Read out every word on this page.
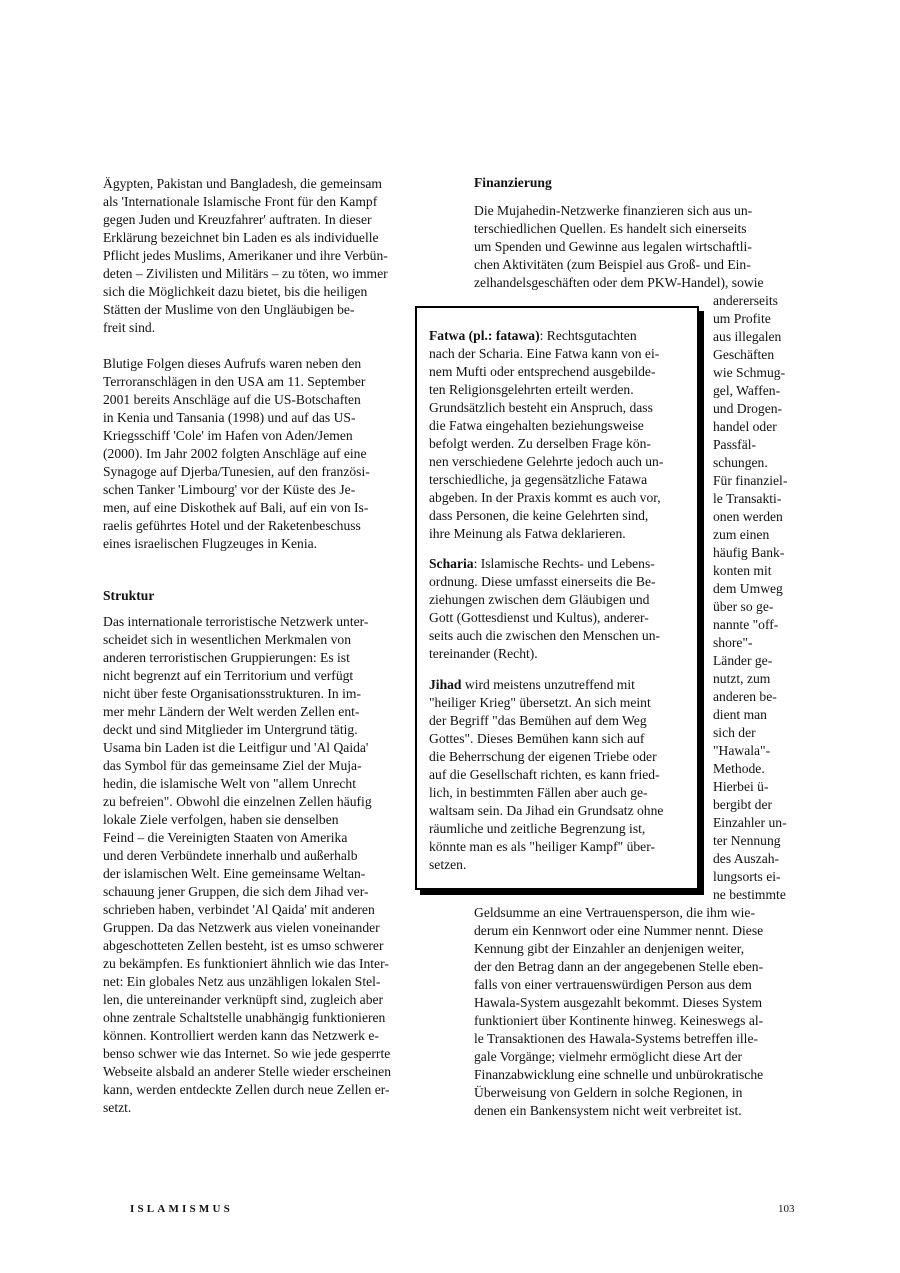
Ägypten, Pakistan und Bangladesh, die gemeinsam

als 'Internationale Islamische Front für den Kampf

gegen Juden und Kreuzfahrer' auftraten. In dieser

Erklärung bezeichnet bin Laden es als individuelle

Pflicht jedes Muslims, Amerikaner und ihre Verbün-

deten – Zivilisten und Militärs – zu töten, wo immer

sich die Möglichkeit dazu bietet, bis die heiligen

Stätten der Muslime von den Ungläubigen be-

freit sind.

Blutige Folgen dieses Aufrufs waren neben den

Terroranschlägen in den USA am 11. September

2001 bereits Anschläge auf die US-Botschaften

in Kenia und Tansania (1998) und auf das US-

Kriegsschiff 'Cole' im Hafen von Aden/Jemen

(2000). Im Jahr 2002 folgten Anschläge auf eine

Synagoge auf Djerba/Tunesien, auf den französi-

schen Tanker 'Limbourg' vor der Küste des Je-

men, auf eine Diskothek auf Bali, auf ein von Is-

raelis geführtes Hotel und der Raketenbeschuss

eines israelischen Flugzeuges in Kenia.

Struktur

Das internationale terroristische Netzwerk unter-

scheidet sich in wesentlichen Merkmalen von

anderen terroristischen Gruppierungen: Es ist

nicht begrenzt auf ein Territorium und verfügt

nicht über feste Organisationsstrukturen. In im-

mer mehr Ländern der Welt werden Zellen ent-

deckt und sind Mitglieder im Untergrund tätig.

Usama bin Laden ist die Leitfigur und 'Al Qaida'

das Symbol für das gemeinsame Ziel der Muja-

hedin, die islamische Welt von "allem Unrecht

zu befreien". Obwohl die einzelnen Zellen häufig

lokale Ziele verfolgen, haben sie denselben

Feind – die Vereinigten Staaten von Amerika

und deren Verbündete innerhalb und außerhalb

der islamischen Welt. Eine gemeinsame Weltan-

schauung jener Gruppen, die sich dem Jihad ver-

schrieben haben, verbindet 'Al Qaida' mit anderen

Gruppen. Da das Netzwerk aus vielen voneinander

abgeschotteten Zellen besteht, ist es umso schwerer

zu bekämpfen. Es funktioniert ähnlich wie das Inter-

net: Ein globales Netz aus unzähligen lokalen Stel-

len, die untereinander verknüpft sind, zugleich aber

ohne zentrale Schaltstelle unabhängig funktionieren

können. Kontrolliert werden kann das Netzwerk e-

benso schwer wie das Internet. So wie jede gesperrte

Webseite alsbald an anderer Stelle wieder erscheinen

kann, werden entdeckte Zellen durch neue Zellen er-

setzt.

Finanzierung

Die Mujahedin-Netzwerke finanzieren sich aus un-

terschiedlichen Quellen. Es handelt sich einerseits

um Spenden und Gewinne aus legalen wirtschaftli-

chen Aktivitäten (zum Beispiel aus Groß- und Ein-

zelhandelsgeschäften oder dem PKW-Handel), sowie

andererseits

um Profite

aus illegalen

Geschäften

wie Schmug-

gel, Waffen-

und Drogen-

handel oder

Passfäl-

schungen.

Für finanziel-

le Transakti-

onen werden

zum einen

häufig Bank-

konten mit

dem Umweg

über so ge-

nannte "off-

shore"-

Länder ge-

nutzt, zum

anderen be-

dient man

sich der

"Hawala"-

Methode.

Hierbei ü-

bergibt der

Einzahler un-

ter Nennung

des Auszah-

lungsorts ei-

ne bestimmte

Geldsumme an eine Vertrauensperson, die ihm wie-

derum ein Kennwort oder eine Nummer nennt. Diese

Kennung gibt der Einzahler an denjenigen weiter,

der den Betrag dann an der angegebenen Stelle eben-

falls von einer vertrauenswürdigen Person aus dem

Hawala-System ausgezahlt bekommt. Dieses System

funktioniert über Kontinente hinweg. Keineswegs al-

le Transaktionen des Hawala-Systems betreffen ille-

gale Vorgänge; vielmehr ermöglicht diese Art der

Finanzabwicklung eine schnelle und unbürokratische

Überweisung von Geldern in solche Regionen, in

denen ein Bankensystem nicht weit verbreitet ist.

Fatwa (pl.: fatawa): Rechtsgutachten

nach der Scharia. Eine Fatwa kann von ei-

nem Mufti oder entsprechend ausgebilde-

ten Religionsgelehrten erteilt werden.

Grundsätzlich besteht ein Anspruch, dass

die Fatwa eingehalten beziehungsweise

befolgt werden. Zu derselben Frage kön-

nen verschiedene Gelehrte jedoch auch un-

terschiedliche, ja gegensätzliche Fatawa

abgeben. In der Praxis kommt es auch vor,

dass Personen, die keine Gelehrten sind,

ihre Meinung als Fatwa deklarieren.

Scharia: Islamische Rechts- und Lebens-

ordnung. Diese umfasst einerseits die Be-

ziehungen zwischen dem Gläubigen und

Gott (Gottesdienst und Kultus), anderer-

seits auch die zwischen den Menschen un-

tereinander (Recht).

Jihad wird meistens unzutreffend mit

"heiliger Krieg" übersetzt. An sich meint

der Begriff "das Bemühen auf dem Weg

Gottes". Dieses Bemühen kann sich auf

die Beherrschung der eigenen Triebe oder

auf die Gesellschaft richten, es kann fried-

lich, in bestimmten Fällen aber auch ge-

waltsam sein. Da Jihad ein Grundsatz ohne

räumliche und zeitliche Begrenzung ist,

könnte man es als "heiliger Kampf" über-

setzen.

ISLAMISMUS	103
